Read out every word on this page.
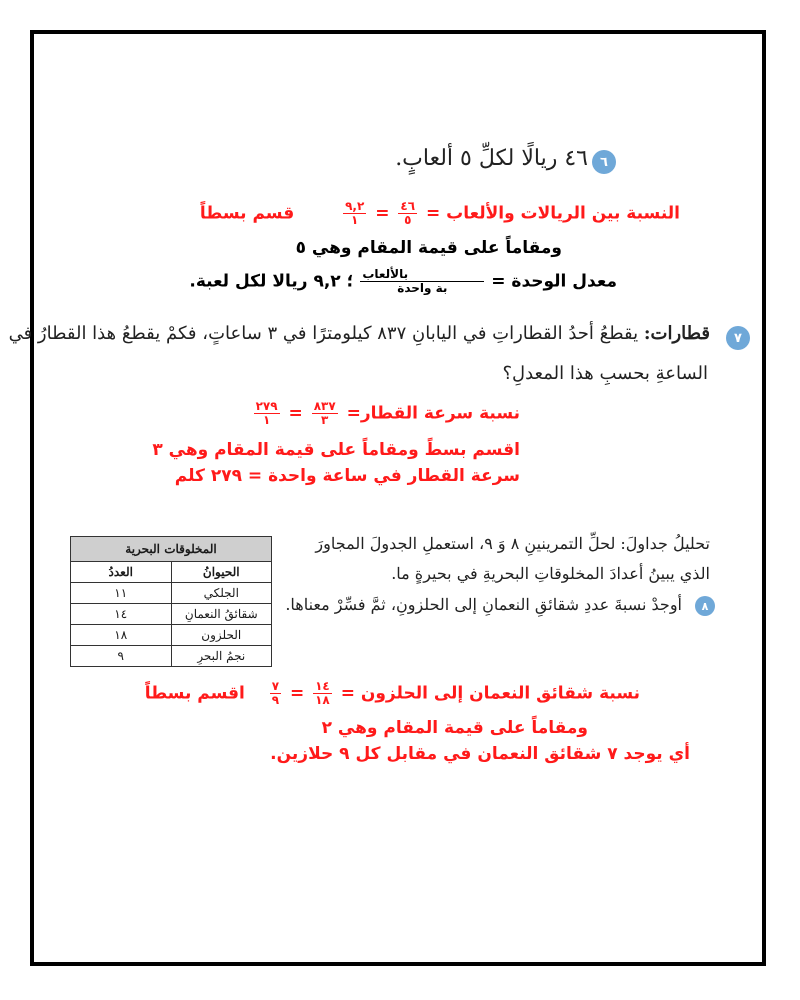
٦
٤٦ ريالًا لكلِّ ٥ ألعابٍ.
النسبة بين الريالات والألعاب =
$\frac{٤٦}{٥}$
=
$\frac{٩,٢}{١}$
قسم بسطاً
ومقاماً على قيمة المقام وهي ٥
معدل الوحدة =
$\frac{\text{بالألعاب}}{\text{بة واحدة}}$
؛ ٩,٢ ريالا لكل لعبة.
٧
قطارات: يقطعُ أحدُ القطاراتِ في اليابانِ ٨٣٧ كيلومترًا في ٣ ساعاتٍ، فكمْ يقطعُ هذا القطارُ في
الساعةِ بحسبِ هذا المعدلِ؟
نسبة سرعة القطار=
$\frac{٨٣٧}{٣}$
=
$\frac{٢٧٩}{١}$
اقسم بسطً ومقاماً على قيمة المقام وهي ٣
سرعة القطار في ساعة واحدة = ٢٧٩ كلم
تحليلُ جداولَ: لحلِّ التمرينينِ ٨ وَ ٩، استعملِ الجدولَ المجاورَ
الذي يبينُ أعدادَ المخلوقاتِ البحريةِ في بحيرةٍ ما.
٨
أوجدْ نسبةَ عددِ شقائقِ النعمانِ إلى الحلزونِ، ثمَّ فسِّرْ معناها.
المخلوقات البحرية	
الحيوانُ	العددُ
الجلكي	١١
شقائقُ النعمانِ	١٤
الحلزون	١٨
نجمُ البحرِ	٩
نسبة شقائق النعمان إلى الحلزون =
$\frac{١٤}{١٨}$
=
$\frac{٧}{٩}$
اقسم بسطاً
ومقاماً على قيمة المقام وهي ٢
أي يوجد ٧ شقائق النعمان في مقابل كل ٩ حلازين.
